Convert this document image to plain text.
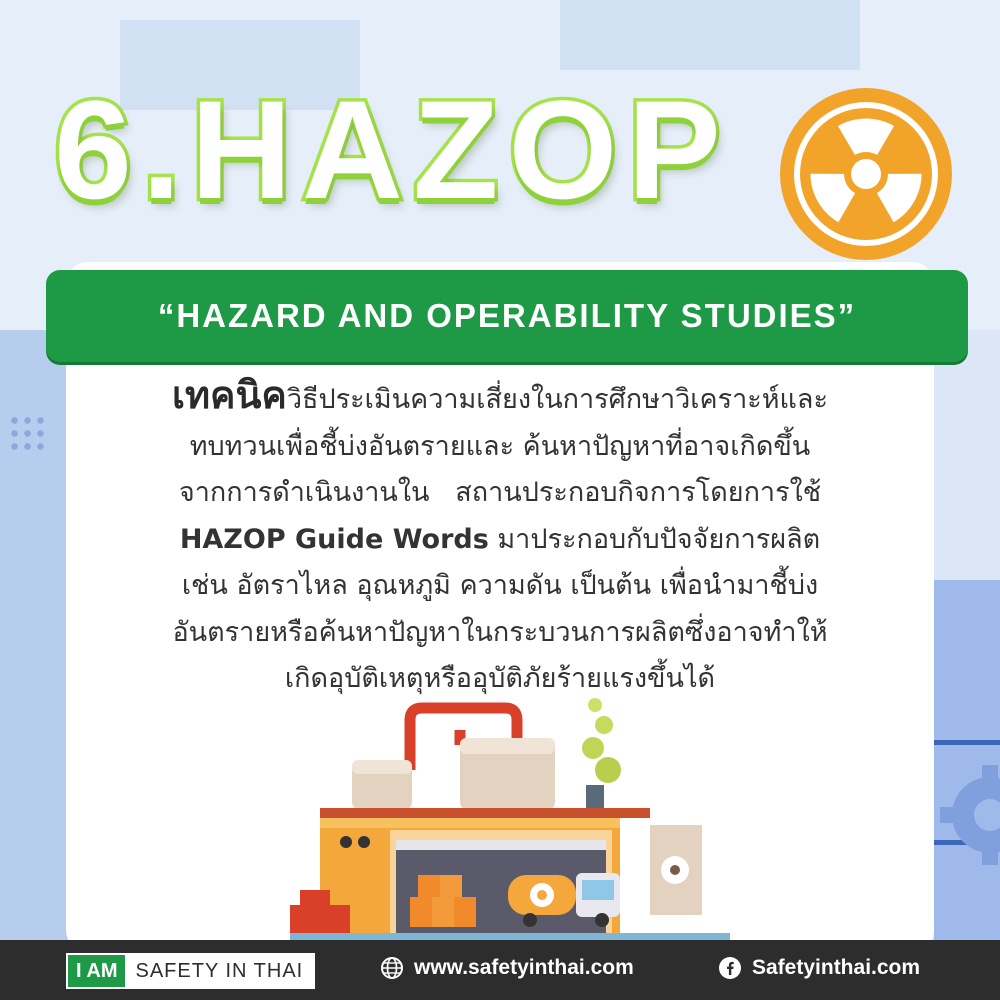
6.HAZOP
“HAZARD AND OPERABILITY STUDIES”
เทคนิควิธีประเมินความเสี่ยงในการศึกษาวิเคราะห์และ
ทบทวนเพื่อชี้บ่งอันตรายและ ค้นหาปัญหาที่อาจเกิดขึ้น
จากการดำเนินงานใน   สถานประกอบกิจการโดยการใช้
HAZOP Guide Words มาประกอบกับปัจจัยการผลิต
เช่น อัตราไหล อุณหภูมิ ความดัน เป็นต้น เพื่อนำมาชี้บ่ง
อันตรายหรือค้นหาปัญหาในกระบวนการผลิตซึ่งอาจทำให้
เกิดอุบัติเหตุหรืออุบัติภัยร้ายแรงขึ้นได้
I AM SAFETY IN THAI	www.safetyinthai.com	Safetyinthai.com
